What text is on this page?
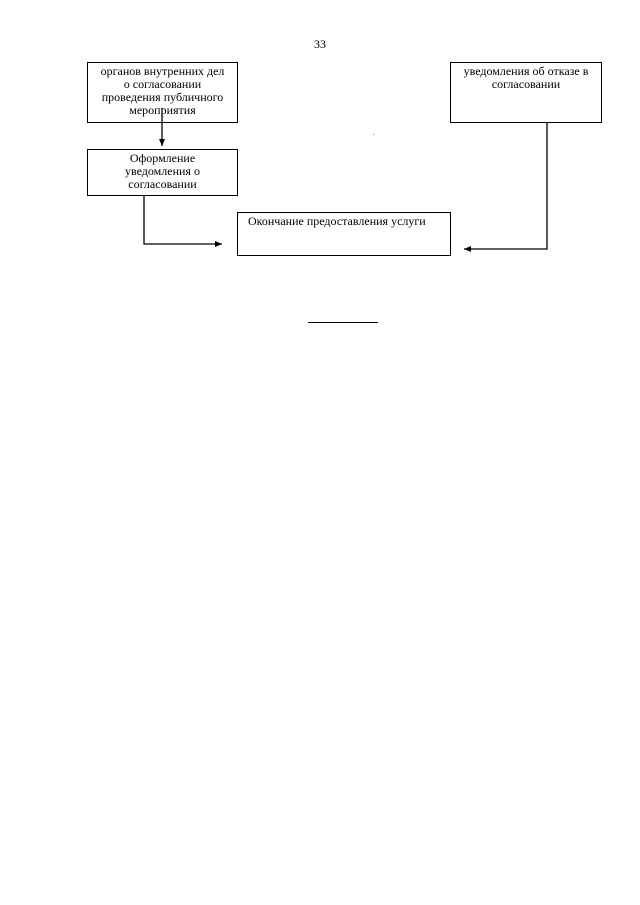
33
органов внутренних дел
о согласовании
проведения публичного
мероприятия
уведомления об отказе в
согласовании
Оформление
уведомления о
согласовании
Окончание предоставления услуги
